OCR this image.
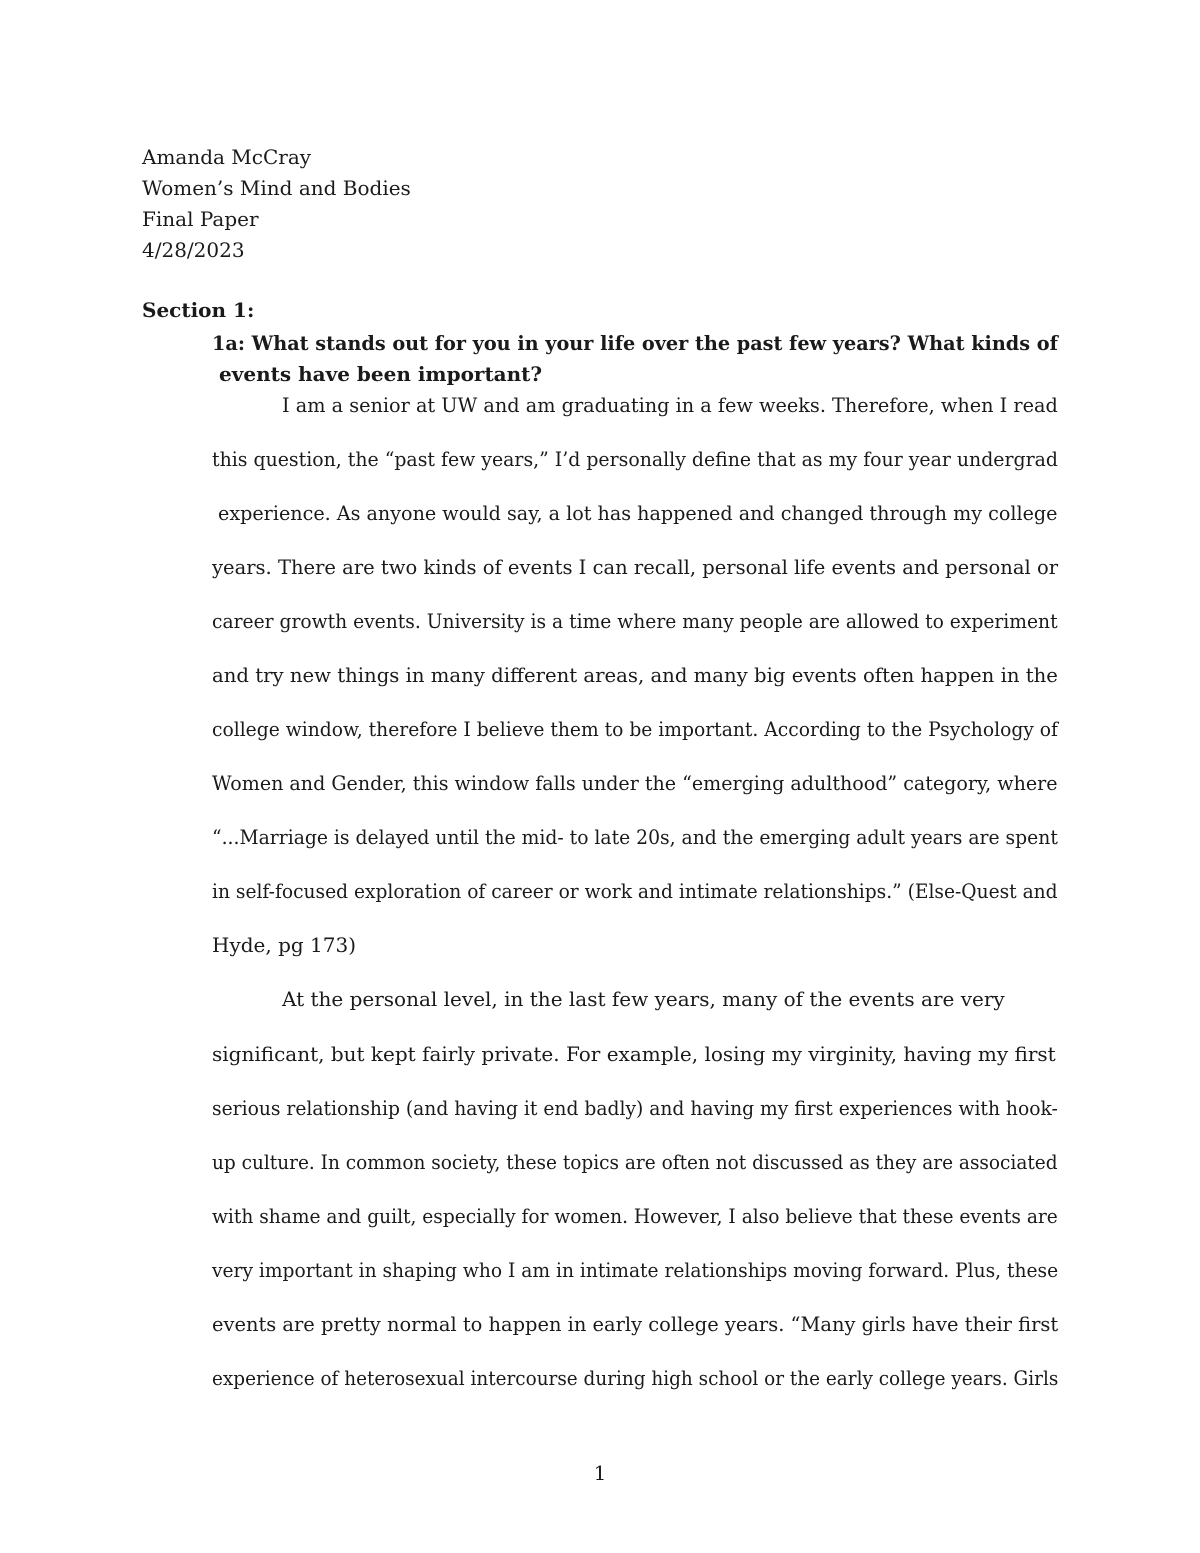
Amanda McCray
Women’s Mind and Bodies
Final Paper
4/28/2023
Section 1:
1a: What stands out for you in your life over the past few years? What kinds of
events have been important?
I am a senior at UW and am graduating in a few weeks. Therefore, when I read
this question, the “past few years,” I’d personally define that as my four year undergrad
experience. As anyone would say, a lot has happened and changed through my college
years. There are two kinds of events I can recall, personal life events and personal or
career growth events. University is a time where many people are allowed to experiment
and try new things in many different areas, and many big events often happen in the
college window, therefore I believe them to be important. According to the Psychology of
Women and Gender, this window falls under the “emerging adulthood” category, where
“...Marriage is delayed until the mid- to late 20s, and the emerging adult years are spent
in self-focused exploration of career or work and intimate relationships.” (Else-Quest and
Hyde, pg 173)
At the personal level, in the last few years, many of the events are very
significant, but kept fairly private. For example, losing my virginity, having my first
serious relationship (and having it end badly) and having my first experiences with hook-
up culture. In common society, these topics are often not discussed as they are associated
with shame and guilt, especially for women. However, I also believe that these events are
very important in shaping who I am in intimate relationships moving forward. Plus, these
events are pretty normal to happen in early college years. “Many girls have their first
experience of heterosexual intercourse during high school or the early college years. Girls
1
